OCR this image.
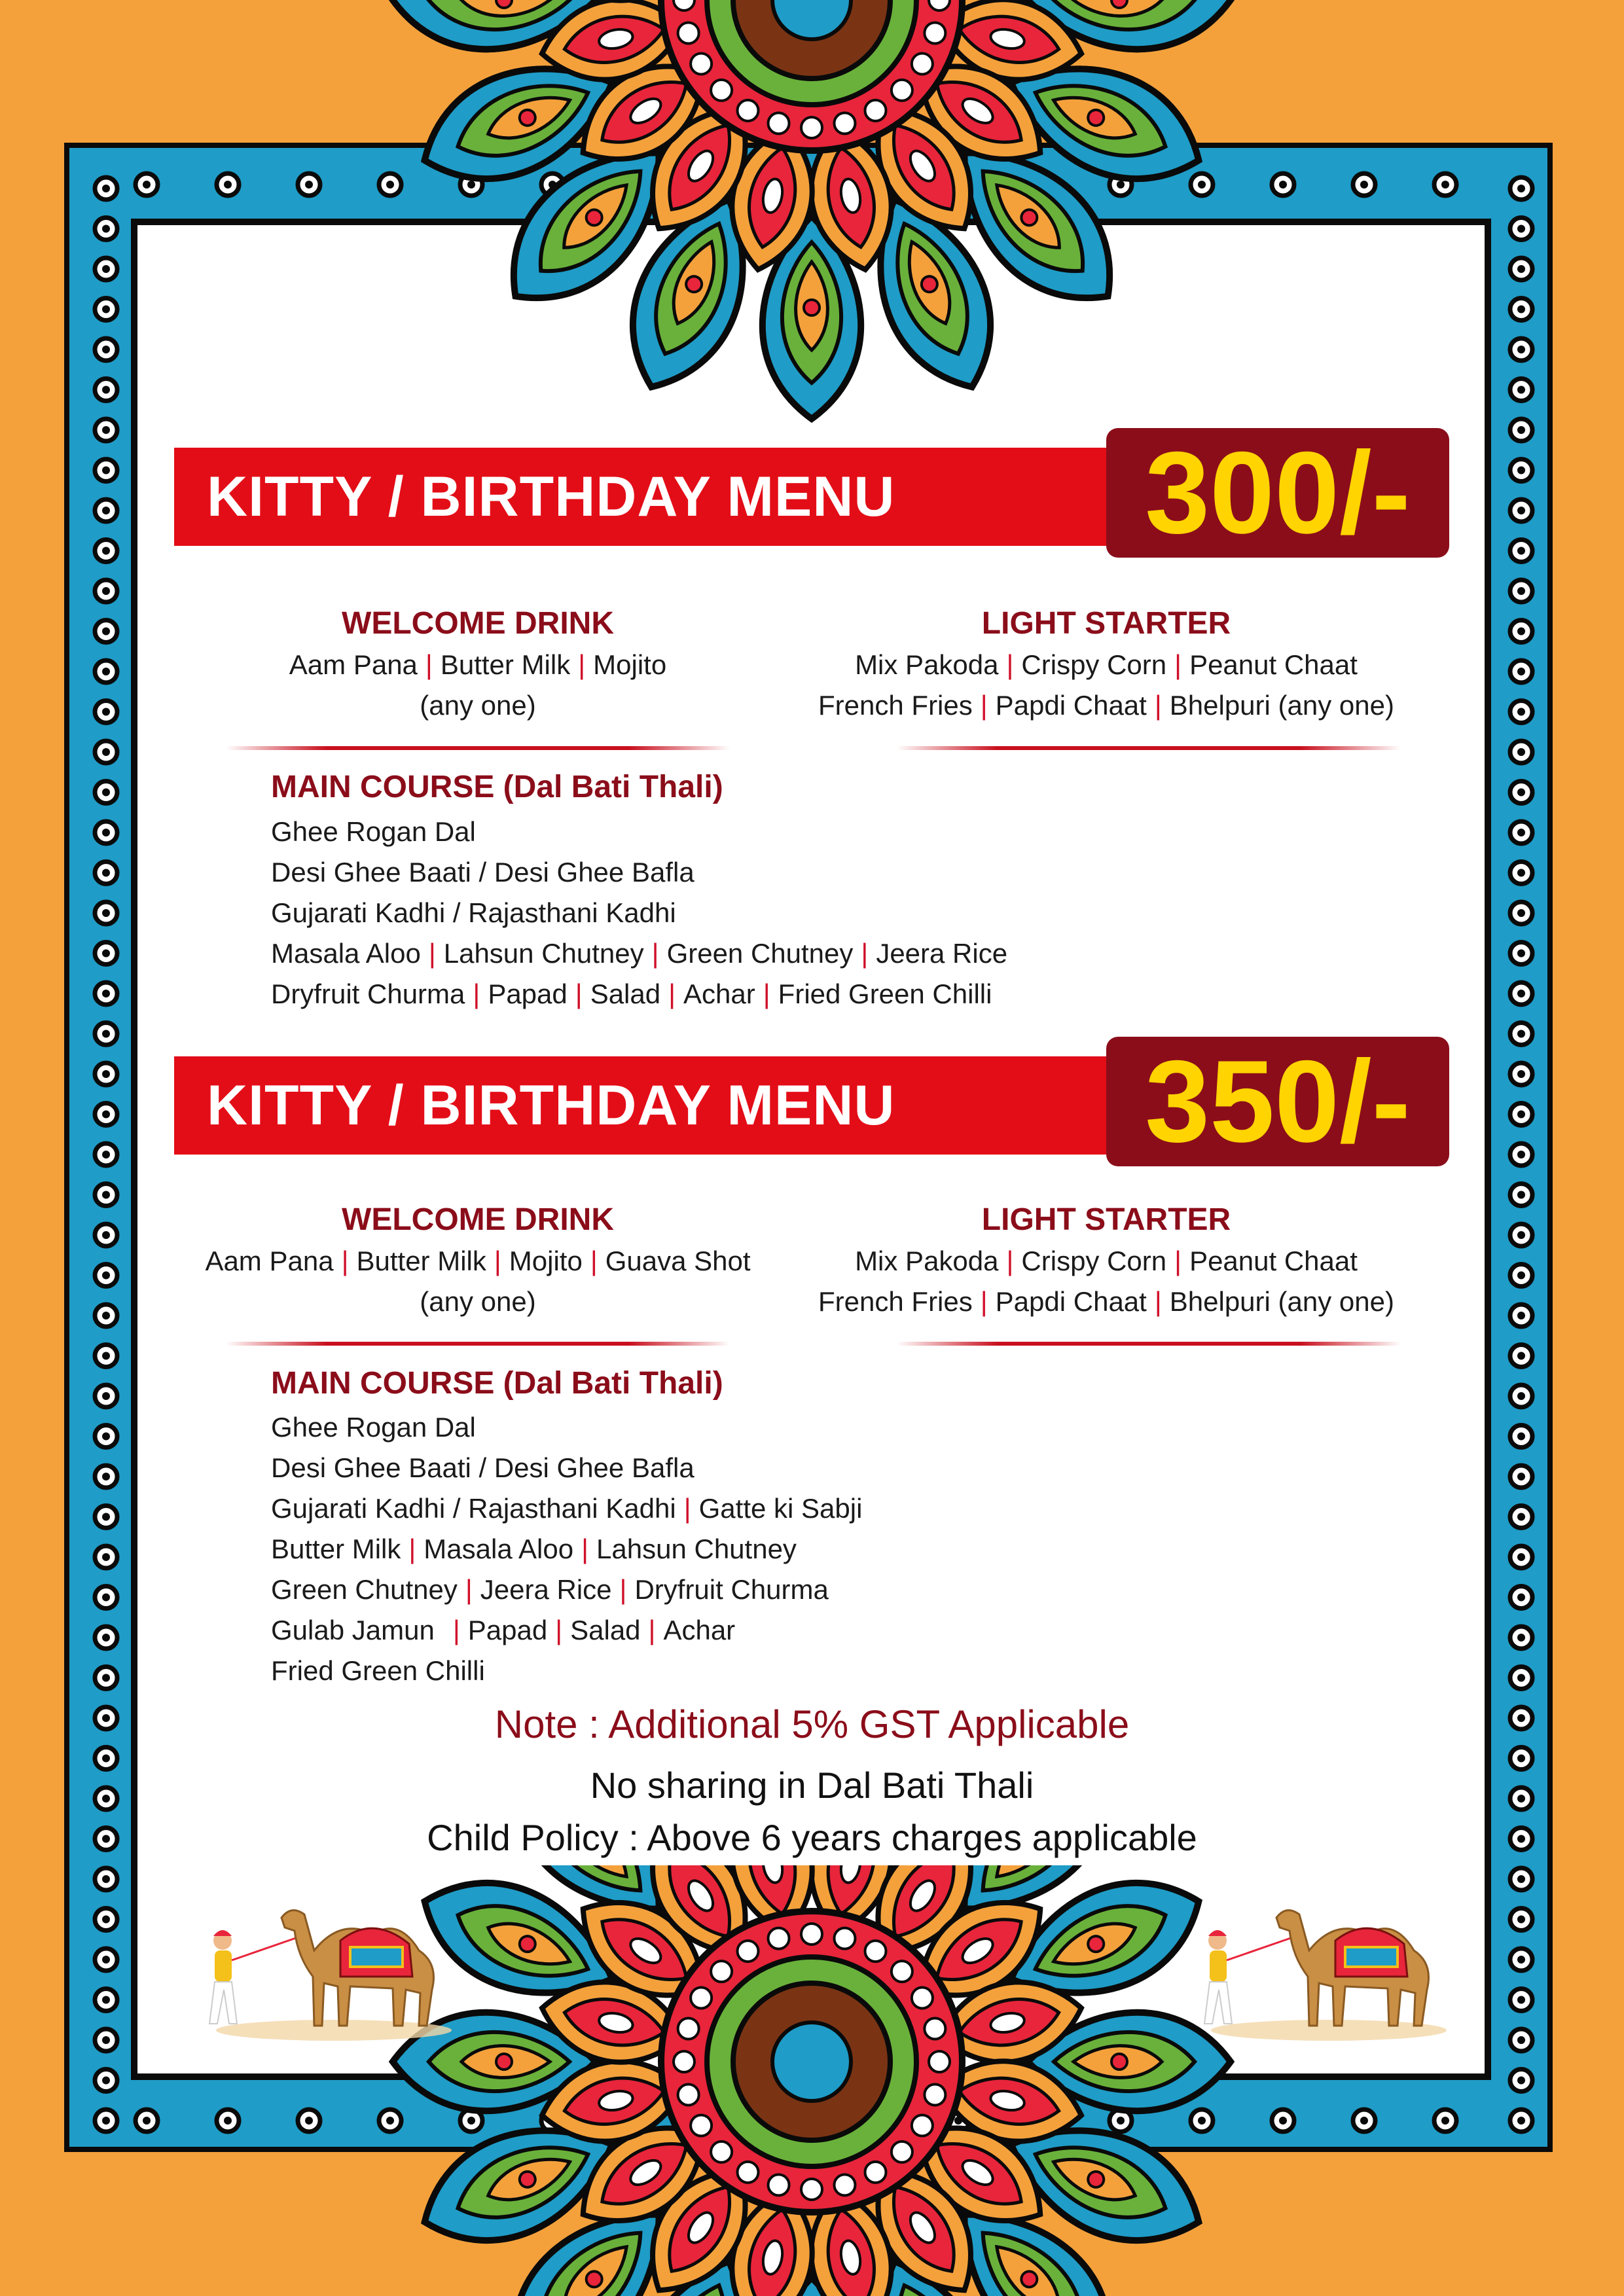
KITTY / BIRTHDAY MENU	300/-
WELCOME DRINK
Aam Pana | Butter Milk | Mojito
(any one)
LIGHT STARTER
Mix Pakoda | Crispy Corn | Peanut Chaat
French Fries | Papdi Chaat | Bhelpuri (any one)
MAIN COURSE (Dal Bati Thali)
Ghee Rogan Dal
Desi Ghee Baati / Desi Ghee Bafla
Gujarati Kadhi / Rajasthani Kadhi
Masala Aloo | Lahsun Chutney | Green Chutney | Jeera Rice
Dryfruit Churma | Papad | Salad | Achar | Fried Green Chilli
KITTY / BIRTHDAY MENU	350/-
WELCOME DRINK
Aam Pana | Butter Milk | Mojito | Guava Shot
(any one)
LIGHT STARTER
Mix Pakoda | Crispy Corn | Peanut Chaat
French Fries | Papdi Chaat | Bhelpuri (any one)
MAIN COURSE (Dal Bati Thali)
Ghee Rogan Dal
Desi Ghee Baati / Desi Ghee Bafla
Gujarati Kadhi / Rajasthani Kadhi | Gatte ki Sabji
Butter Milk | Masala Aloo | Lahsun Chutney
Green Chutney | Jeera Rice | Dryfruit Churma
Gulab Jamun | Papad | Salad | Achar
Fried Green Chilli
Note : Additional 5% GST Applicable
No sharing in Dal Bati Thali
Child Policy : Above 6 years charges applicable
